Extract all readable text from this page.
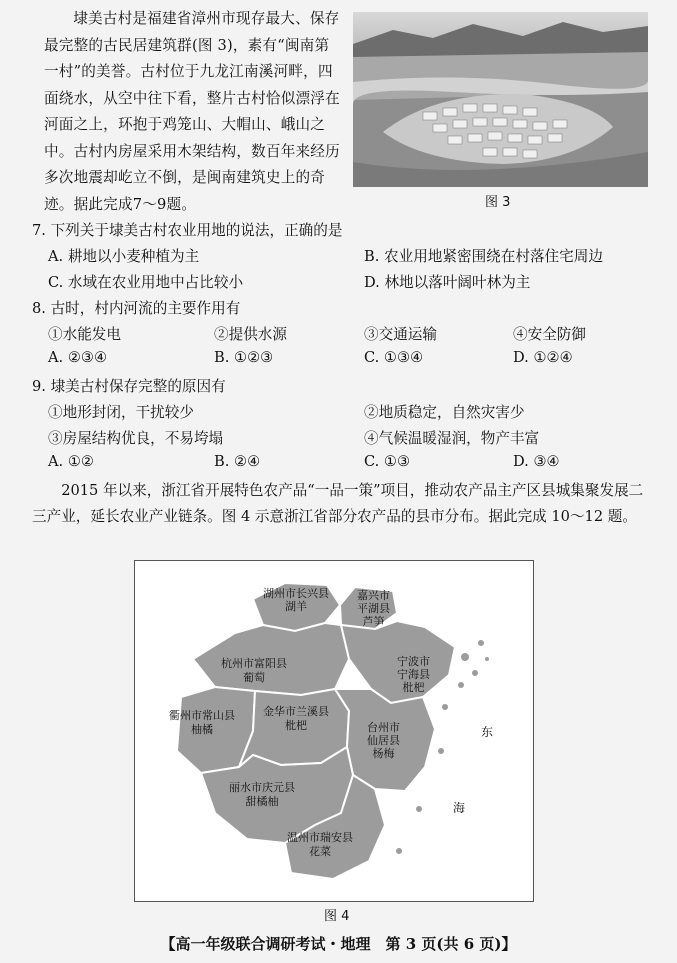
埭美古村是福建省漳州市现存最大、保存最完整的古民居建筑群(图 3)，素有“闽南第一村”的美誉。古村位于九龙江南溪河畔，四面绕水，从空中往下看，整片古村恰似漂浮在河面之上，环抱于鸡笼山、大帽山、峨山之中。古村内房屋采用木架结构，数百年来经历多次地震却屹立不倒，是闽南建筑史上的奇迹。据此完成7～9题。	图 3
7. 下列关于埭美古村农业用地的说法，正确的是
A. 耕地以小麦种植为主	B. 农业用地紧密围绕在村落住宅周边
C. 水域在农业用地中占比较小	D. 林地以落叶阔叶林为主
8. 古时，村内河流的主要作用有
①水能发电	②提供水源	③交通运输	④安全防御
A. ②③④	B. ①②③	C. ①③④	D. ①②④
9. 埭美古村保存完整的原因有
①地形封闭，干扰较少	②地质稳定，自然灾害少
③房屋结构优良，不易垮塌	④气候温暖湿润，物产丰富
A. ①②	B. ②④	C. ①③	D. ③④

2015 年以来，浙江省开展特色农产品“一品一策”项目，推动农产品主产区县城集聚发展二三产业，延长农业产业链条。图 4 示意浙江省部分农产品的县市分布。据此完成 10～12 题。

湖州市长兴县
湖羊
嘉兴市
平湖县
芦笋
杭州市富阳县
葡萄
宁波市
宁海县
枇杷
衢州市常山县
柚橘
金华市兰溪县
枇杷	台州市
仙居县
杨梅
丽水市庆元县
甜橘柚
温州市瑞安县
花菜
东
海
图 4
【高一年级联合调研考试・地理　第 3 页(共 6 页)】
